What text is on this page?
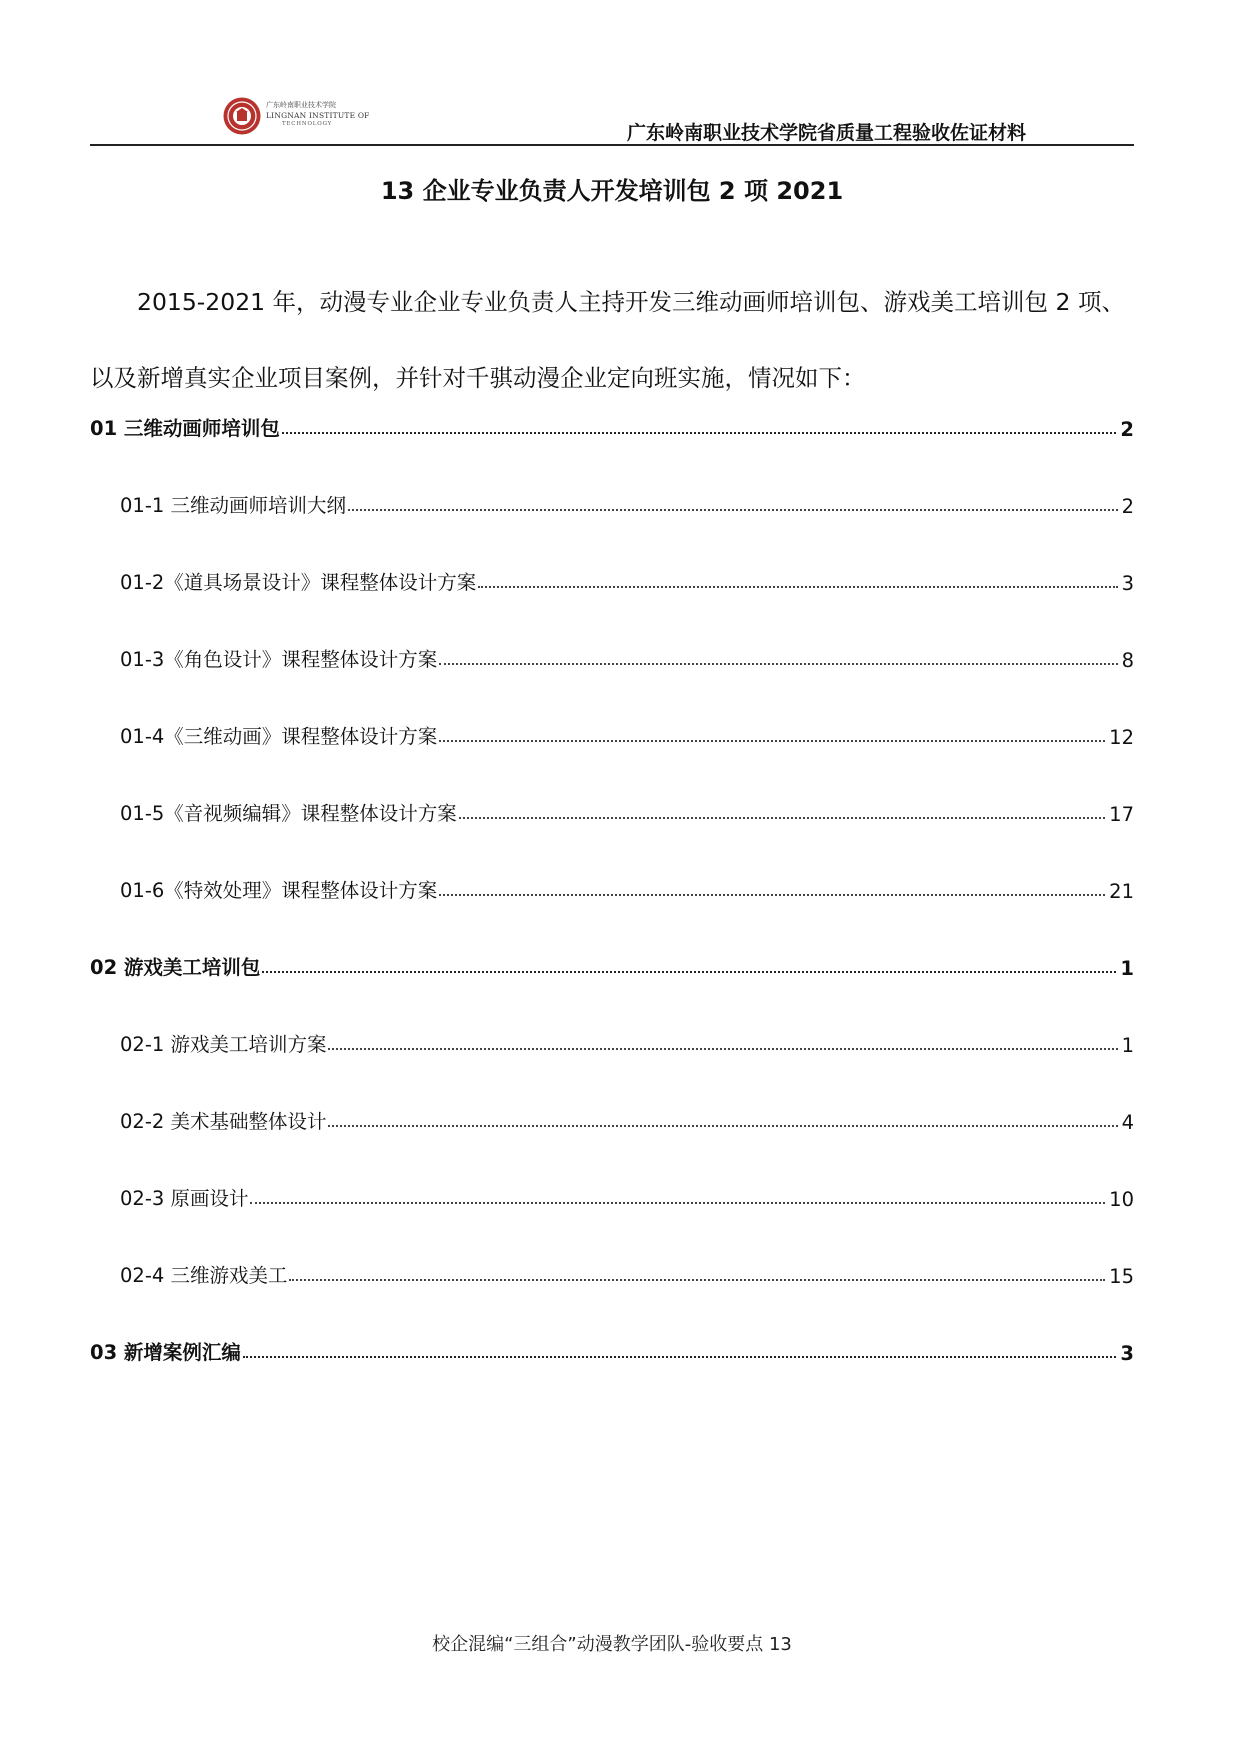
广东岭南职业技术学院
LINGNAN INSTITUTE OF
TECHNOLOGY	广东岭南职业技术学院省质量工程验收佐证材料
13 企业专业负责人开发培训包 2 项 2021

2015-2021 年，动漫专业企业专业负责人主持开发三维动画师培训包、游戏美工培训包 2 项、以及新增真实企业项目案例，并针对千骐动漫企业定向班实施，情况如下：

01 三维动画师培训包	2
01-1 三维动画师培训大纲	2
01-2《道具场景设计》课程整体设计方案	3
01-3《角色设计》课程整体设计方案	8
01-4《三维动画》课程整体设计方案	12
01-5《音视频编辑》课程整体设计方案	17
01-6《特效处理》课程整体设计方案	21
02 游戏美工培训包	1
02-1 游戏美工培训方案	1
02-2 美术基础整体设计	4
02-3 原画设计	10
02-4 三维游戏美工	15
03 新增案例汇编	3
校企混编“三组合”动漫教学团队-验收要点 13
